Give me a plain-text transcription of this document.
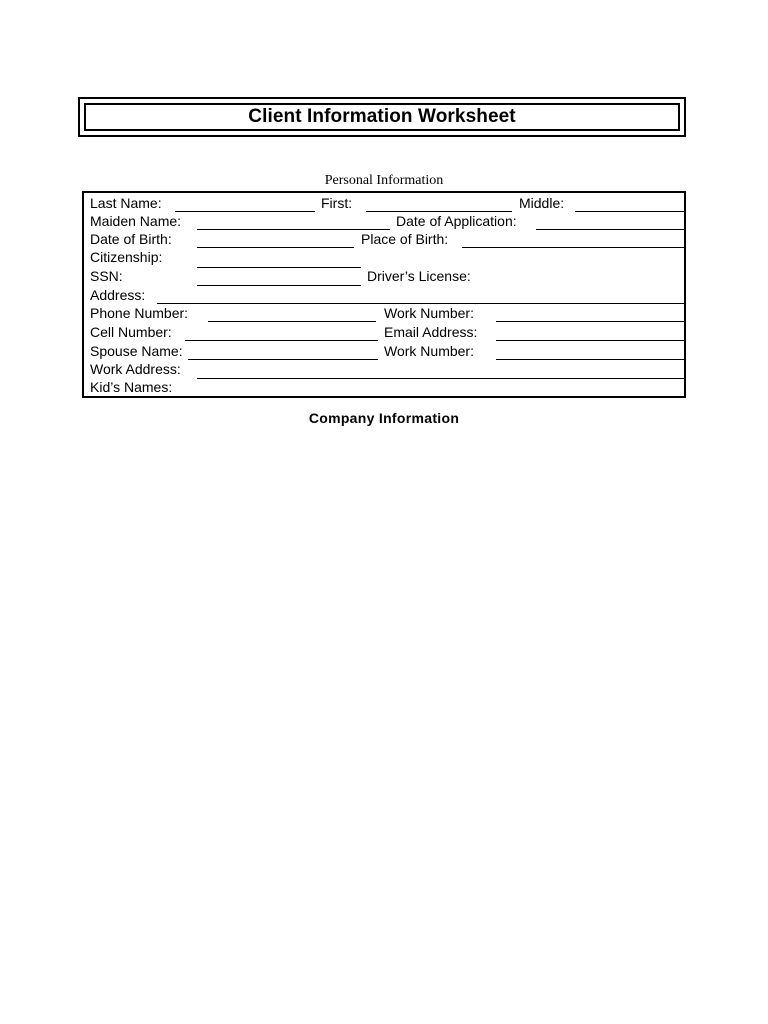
Client Information Worksheet
Personal Information
Last Name:	First:	Middle:
Maiden Name:	Date of Application:
Date of Birth:	Place of Birth:
Citizenship:
SSN:	Driver’s License:
Address:
Phone Number:	Work Number:
Cell Number:	Email Address:
Spouse Name:	Work Number:
Work Address:
Kid’s Names:
Company Information
